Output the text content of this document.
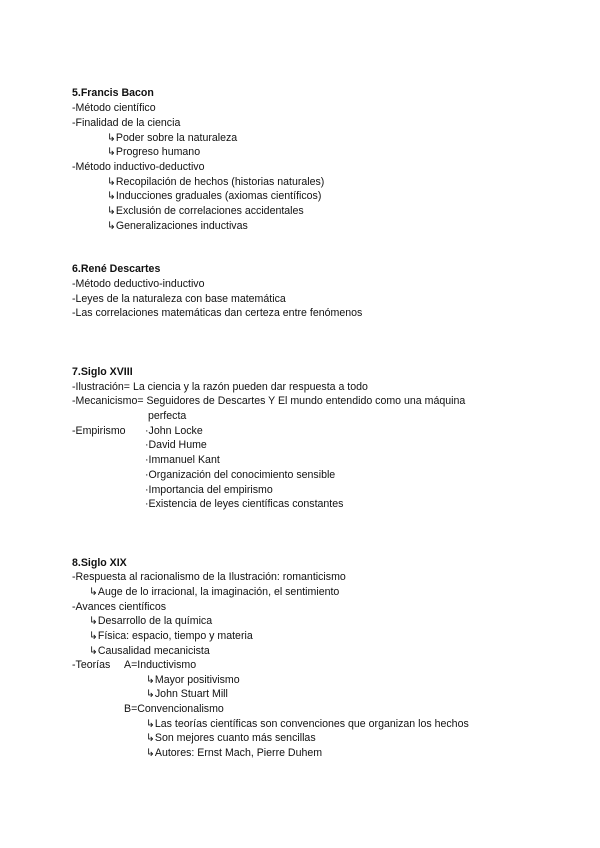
5.Francis Bacon
-Método científico
-Finalidad de la ciencia
↳Poder sobre la naturaleza
↳Progreso humano
-Método inductivo-deductivo
↳Recopilación de hechos (historias naturales)
↳Inducciones graduales (axiomas científicos)
↳Exclusión de correlaciones accidentales
↳Generalizaciones inductivas
6.René Descartes
-Método deductivo-inductivo
-Leyes de la naturaleza con base matemática
-Las correlaciones matemáticas dan certeza entre fenómenos
7.Siglo XVIII
-Ilustración= La ciencia y la razón pueden dar respuesta a todo
-Mecanicismo= Seguidores de Descartes Y El mundo entendido como una máquina
perfecta
-Empirismo ·John Locke
·David Hume
·Immanuel Kant
·Organización del conocimiento sensible
·Importancia del empirismo
·Existencia de leyes científicas constantes
8.Siglo XIX
-Respuesta al racionalismo de la Ilustración: romanticismo
↳Auge de lo irracional, la imaginación, el sentimiento
-Avances científicos
↳Desarrollo de la química
↳Física: espacio, tiempo y materia
↳Causalidad mecanicista
-Teorías A=Inductivismo
↳Mayor positivismo
↳John Stuart Mill
B=Convencionalismo
↳Las teorías científicas son convenciones que organizan los hechos
↳Son mejores cuanto más sencillas
↳Autores: Ernst Mach, Pierre Duhem
